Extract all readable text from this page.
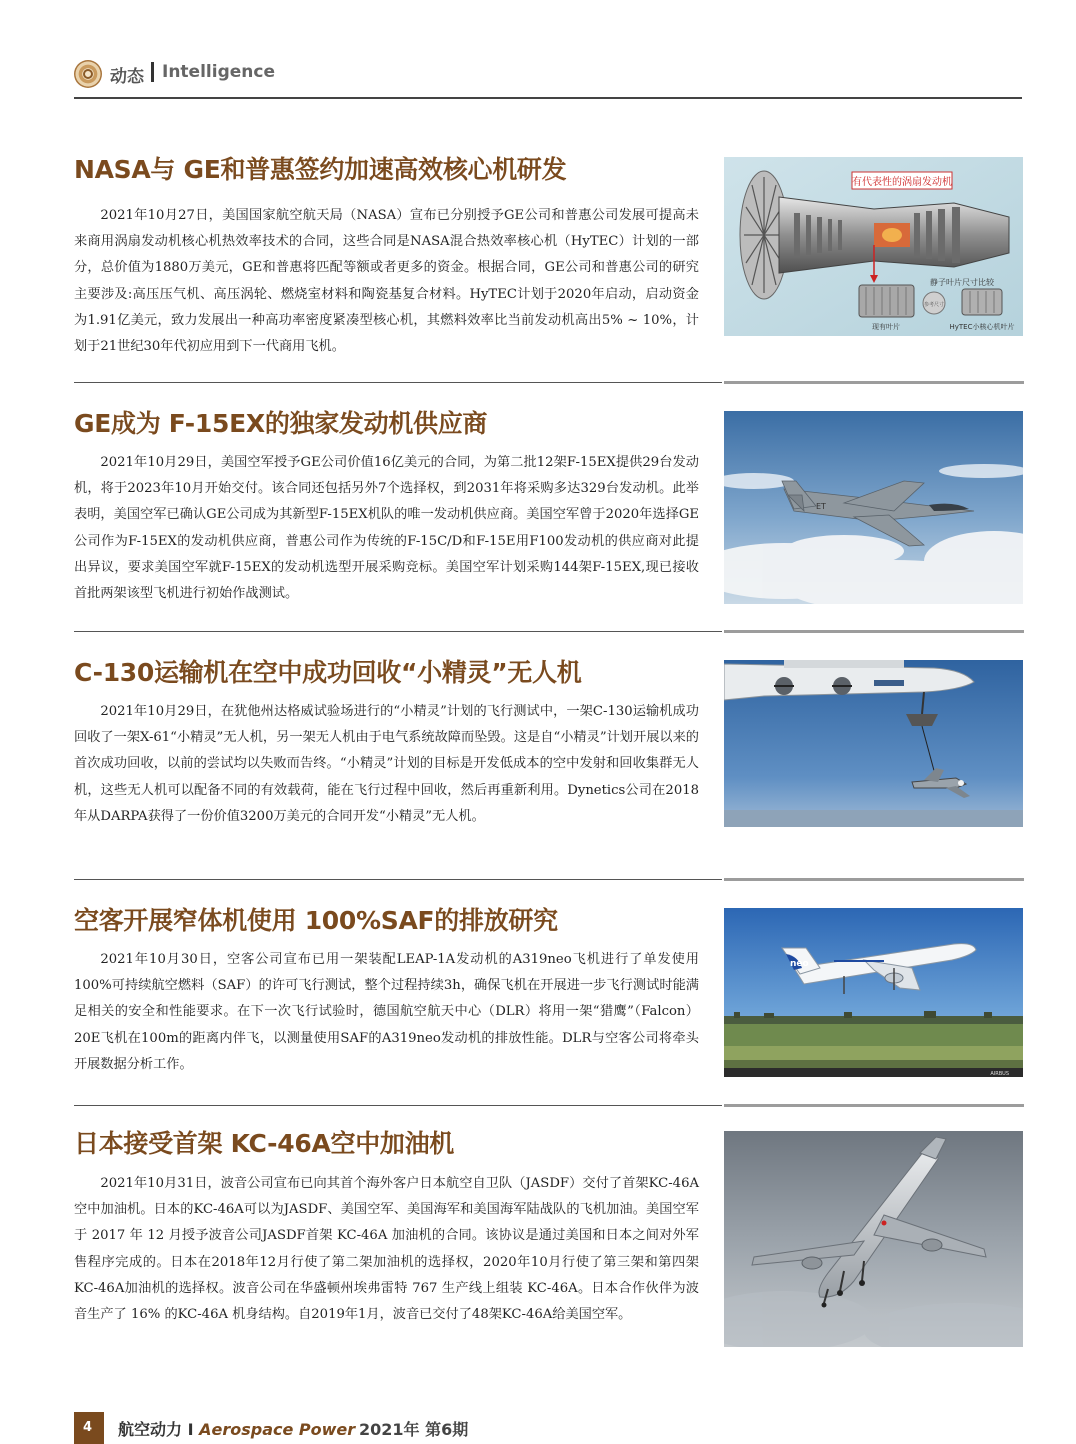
动态 Intelligence
NASA与 GE和普惠签约加速高效核心机研发

2021年10月27日，美国国家航空航天局（NASA）宣布已分别授予GE公司和普惠公司发展可提高未来商用涡扇发动机核心机热效率技术的合同，这些合同是NASA混合热效率核心机（HyTEC）计划的一部分，总价值为1880万美元，GE和普惠将匹配等额或者更多的资金。根据合同，GE公司和普惠公司的研究主要涉及:高压压气机、高压涡轮、燃烧室材料和陶瓷基复合材料。HyTEC计划于2020年启动，启动资金为1.91亿美元，致力发展出一种高功率密度紧凑型核心机，其燃料效率比当前发动机高出5% ~ 10%，计划于21世纪30年代初应用到下一代商用飞机。

有代表性的涡扇发动机
静子叶片尺寸比较
参考尺寸
现有叶片	HyTEC小核心机叶片
GE成为 F-15EX的独家发动机供应商

2021年10月29日，美国空军授予GE公司价值16亿美元的合同，为第二批12架F-15EX提供29台发动机，将于2023年10月开始交付。该合同还包括另外7个选择权，到2031年将采购多达329台发动机。此举表明，美国空军已确认GE公司成为其新型F-15EX机队的唯一发动机供应商。美国空军曾于2020年选择GE公司作为F-15EX的发动机供应商，普惠公司作为传统的F-15C/D和F-15E用F100发动机的供应商对此提出异议，要求美国空军就F-15EX的发动机选型开展采购竞标。美国空军计划采购144架F-15EX,现已接收首批两架该型飞机进行初始作战测试。

ET
C-130运输机在空中成功回收“小精灵”无人机

2021年10月29日，在犹他州达格威试验场进行的“小精灵”计划的飞行测试中，一架C-130运输机成功回收了一架X-61“小精灵”无人机，另一架无人机由于电气系统故障而坠毁。这是自“小精灵”计划开展以来的首次成功回收，以前的尝试均以失败而告终。“小精灵”计划的目标是开发低成本的空中发射和回收集群无人机，这些无人机可以配备不同的有效载荷，能在飞行过程中回收，然后再重新利用。Dynetics公司在2018年从DARPA获得了一份价值3200万美元的合同开发“小精灵”无人机。

空客开展窄体机使用 100%SAF的排放研究

2021年10月30日，空客公司宣布已用一架装配LEAP-1A发动机的A319neo飞机进行了单发使用100%可持续航空燃料（SAF）的许可飞行测试，整个过程持续3h，确保飞机在开展进一步飞行测试时能满足相关的安全和性能要求。在下一次飞行试验时，德国航空航天中心（DLR）将用一架“猎鹰”（Falcon）20E飞机在100m的距离内伴飞，以测量使用SAF的A319neo发动机的排放性能。DLR与空客公司将牵头开展数据分析工作。

AIRBUS
neo
日本接受首架 KC-46A空中加油机

2021年10月31日，波音公司宣布已向其首个海外客户日本航空自卫队（JASDF）交付了首架KC-46A空中加油机。日本的KC-46A可以为JASDF、美国空军、美国海军和美国海军陆战队的飞机加油。美国空军于 2017 年 12 月授予波音公司JASDF首架 KC-46A 加油机的合同。该协议是通过美国和日本之间对外军售程序完成的。日本在2018年12月行使了第二架加油机的选择权，2020年10月行使了第三架和第四架KC-46A加油机的选择权。波音公司在华盛顿州埃弗雷特 767 生产线上组装 KC-46A。日本合作伙伴为波音生产了 16% 的KC-46A 机身结构。自2019年1月，波音已交付了48架KC-46A给美国空军。

4 航空动力 I Aerospace Power 2021年 第6期
